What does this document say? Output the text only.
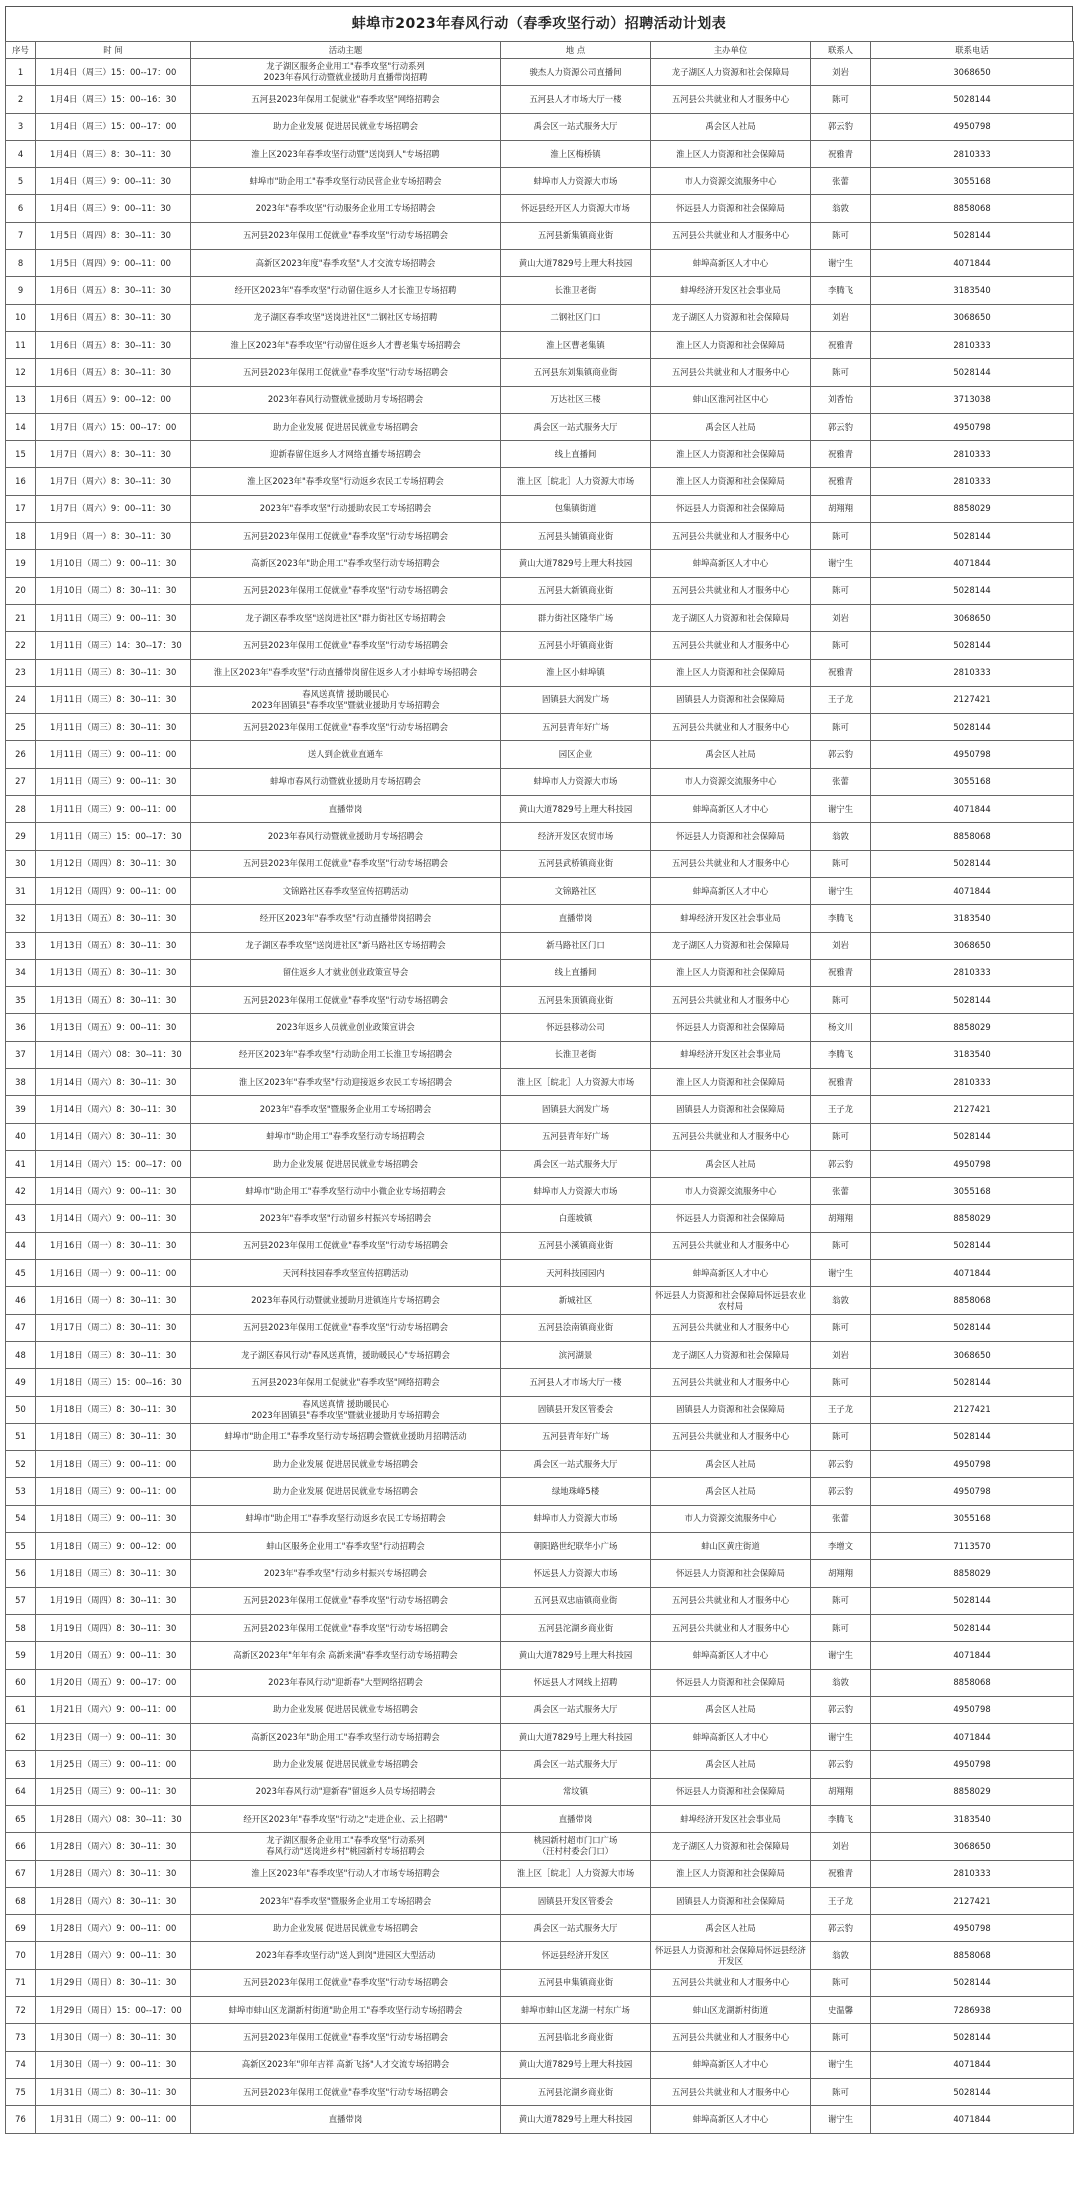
蚌埠市2023年春风行动（春季攻坚行动）招聘活动计划表
序号	时 间	活动主题	地 点	主办单位	联系人	联系电话
1	1月4日（周三）15：00--17：00	龙子湖区服务企业用工"春季攻坚"行动系列
2023年春风行动暨就业援助月直播带岗招聘	骏杰人力资源公司直播间	龙子湖区人力资源和社会保障局	刘岩	3068650
2	1月4日（周三）15：00--16：30	五河县2023年保用工促就业"春季攻坚"网络招聘会	五河县人才市场大厅一楼	五河县公共就业和人才服务中心	陈可	5028144
3	1月4日（周三）15：00--17：00	助力企业发展 促进居民就业专场招聘会	禹会区一站式服务大厅	禹会区人社局	郭云豹	4950798
4	1月4日（周三）8：30--11：30	淮上区2023年春季攻坚行动暨"送岗到人"专场招聘	淮上区梅桥镇	淮上区人力资源和社会保障局	祝雅青	2810333
5	1月4日（周三）9：00--11：30	蚌埠市"助企用工"春季攻坚行动民营企业专场招聘会	蚌埠市人力资源大市场	市人力资源交流服务中心	张蕾	3055168
6	1月4日（周三）9：00--11：30	2023年"春季攻坚"行动服务企业用工专场招聘会	怀远县经开区人力资源大市场	怀远县人力资源和社会保障局	翁敦	8858068
7	1月5日（周四）8：30--11：30	五河县2023年保用工促就业"春季攻坚"行动专场招聘会	五河县新集镇商业街	五河县公共就业和人才服务中心	陈可	5028144
8	1月5日（周四）9：00--11：00	高新区2023年度"春季攻坚"人才交流专场招聘会	黄山大道7829号上理大科技园	蚌埠高新区人才中心	谢宁生	4071844
9	1月6日（周五）8：30--11：30	经开区2023年"春季攻坚"行动留住返乡人才长淮卫专场招聘	长淮卫老街	蚌埠经济开发区社会事业局	李腾飞	3183540
10	1月6日（周五）8：30--11：30	龙子湖区春季攻坚"送岗进社区"二钢社区专场招聘	二钢社区门口	龙子湖区人力资源和社会保障局	刘岩	3068650
11	1月6日（周五）8：30--11：30	淮上区2023年"春季攻坚"行动留住返乡人才曹老集专场招聘会	淮上区曹老集镇	淮上区人力资源和社会保障局	祝雅青	2810333
12	1月6日（周五）8：30--11：30	五河县2023年保用工促就业"春季攻坚"行动专场招聘会	五河县东刘集镇商业街	五河县公共就业和人才服务中心	陈可	5028144
13	1月6日（周五）9：00--12：00	2023年春风行动暨就业援助月专场招聘会	万达社区三楼	蚌山区淮河社区中心	刘香怡	3713038
14	1月7日（周六）15：00--17：00	助力企业发展 促进居民就业专场招聘会	禹会区一站式服务大厅	禹会区人社局	郭云豹	4950798
15	1月7日（周六）8：30--11：30	迎新春留住返乡人才网络直播专场招聘会	线上直播间	淮上区人力资源和社会保障局	祝雅青	2810333
16	1月7日（周六）8：30--11：30	淮上区2023年"春季攻坚"行动返乡农民工专场招聘会	淮上区［皖北］人力资源大市场	淮上区人力资源和社会保障局	祝雅青	2810333
17	1月7日（周六）9：00--11：30	2023年"春季攻坚"行动援助农民工专场招聘会	包集镇街道	怀远县人力资源和社会保障局	胡翔翔	8858029
18	1月9日（周一）8：30--11：30	五河县2023年保用工促就业"春季攻坚"行动专场招聘会	五河县头铺镇商业街	五河县公共就业和人才服务中心	陈可	5028144
19	1月10日（周二）9：00--11：30	高新区2023年"助企用工"春季攻坚行动专场招聘会	黄山大道7829号上理大科技园	蚌埠高新区人才中心	谢宁生	4071844
20	1月10日（周二）8：30--11：30	五河县2023年保用工促就业"春季攻坚"行动专场招聘会	五河县大新镇商业街	五河县公共就业和人才服务中心	陈可	5028144
21	1月11日（周三）9：00--11：30	龙子湖区春季攻坚"送岗进社区"群力街社区专场招聘会	群力街社区隆华广场	龙子湖区人力资源和社会保障局	刘岩	3068650
22	1月11日（周三）14：30--17：30	五河县2023年保用工促就业"春季攻坚"行动专场招聘会	五河县小圩镇商业街	五河县公共就业和人才服务中心	陈可	5028144
23	1月11日（周三）8：30--11：30	淮上区2023年"春季攻坚"行动直播带岗留住返乡人才小蚌埠专场招聘会	淮上区小蚌埠镇	淮上区人力资源和社会保障局	祝雅青	2810333
24	1月11日（周三）8：30--11：30	春风送真情 援助暖民心
2023年固镇县"春季攻坚"暨就业援助月专场招聘会	固镇县大润发广场	固镇县人力资源和社会保障局	王子龙	2127421
25	1月11日（周三）8：30--11：30	五河县2023年保用工促就业"春季攻坚"行动专场招聘会	五河县青年好广场	五河县公共就业和人才服务中心	陈可	5028144
26	1月11日（周三）9：00--11：00	送人到企就业直通车	园区企业	禹会区人社局	郭云豹	4950798
27	1月11日（周三）9：00--11：30	蚌埠市春风行动暨就业援助月专场招聘会	蚌埠市人力资源大市场	市人力资源交流服务中心	张蕾	3055168
28	1月11日（周三）9：00--11：00	直播带岗	黄山大道7829号上理大科技园	蚌埠高新区人才中心	谢宁生	4071844
29	1月11日（周三）15：00--17：30	2023年春风行动暨就业援助月专场招聘会	经济开发区农贸市场	怀远县人力资源和社会保障局	翁敦	8858068
30	1月12日（周四）8：30--11：30	五河县2023年保用工促就业"春季攻坚"行动专场招聘会	五河县武桥镇商业街	五河县公共就业和人才服务中心	陈可	5028144
31	1月12日（周四）9：00--11：00	文锦路社区春季攻坚宣传招聘活动	文锦路社区	蚌埠高新区人才中心	谢宁生	4071844
32	1月13日（周五）8：30--11：30	经开区2023年"春季攻坚"行动直播带岗招聘会	直播带岗	蚌埠经济开发区社会事业局	李腾飞	3183540
33	1月13日（周五）8：30--11：30	龙子湖区春季攻坚"送岗进社区"新马路社区专场招聘会	新马路社区门口	龙子湖区人力资源和社会保障局	刘岩	3068650
34	1月13日（周五）8：30--11：30	留住返乡人才就业创业政策宣导会	线上直播间	淮上区人力资源和社会保障局	祝雅青	2810333
35	1月13日（周五）8：30--11：30	五河县2023年保用工促就业"春季攻坚"行动专场招聘会	五河县朱顶镇商业街	五河县公共就业和人才服务中心	陈可	5028144
36	1月13日（周五）9：00--11：30	2023年返乡人员就业创业政策宣讲会	怀远县移动公司	怀远县人力资源和社会保障局	杨文川	8858029
37	1月14日（周六）08：30--11：30	经开区2023年"春季攻坚"行动助企用工长淮卫专场招聘会	长淮卫老街	蚌埠经济开发区社会事业局	李腾飞	3183540
38	1月14日（周六）8：30--11：30	淮上区2023年"春季攻坚"行动迎接返乡农民工专场招聘会	淮上区［皖北］人力资源大市场	淮上区人力资源和社会保障局	祝雅青	2810333
39	1月14日（周六）8：30--11：30	2023年"春季攻坚"暨服务企业用工专场招聘会	固镇县大润发广场	固镇县人力资源和社会保障局	王子龙	2127421
40	1月14日（周六）8：30--11：30	蚌埠市"助企用工"春季攻坚行动专场招聘会	五河县青年好广场	五河县公共就业和人才服务中心	陈可	5028144
41	1月14日（周六）15：00--17：00	助力企业发展 促进居民就业专场招聘会	禹会区一站式服务大厅	禹会区人社局	郭云豹	4950798
42	1月14日（周六）9：00--11：30	蚌埠市"助企用工"春季攻坚行动中小微企业专场招聘会	蚌埠市人力资源大市场	市人力资源交流服务中心	张蕾	3055168
43	1月14日（周六）9：00--11：30	2023年"春季攻坚"行动留乡村振兴专场招聘会	白莲坡镇	怀远县人力资源和社会保障局	胡翔翔	8858029
44	1月16日（周一）8：30--11：30	五河县2023年保用工促就业"春季攻坚"行动专场招聘会	五河县小溪镇商业街	五河县公共就业和人才服务中心	陈可	5028144
45	1月16日（周一）9：00--11：00	天河科技园春季攻坚宣传招聘活动	天河科技园园内	蚌埠高新区人才中心	谢宁生	4071844
46	1月16日（周一）8：30--11：30	2023年春风行动暨就业援助月进镇连片专场招聘会	新城社区	怀远县人力资源和社会保障局怀远县农业农村局	翁敦	8858068
47	1月17日（周二）8：30--11：30	五河县2023年保用工促就业"春季攻坚"行动专场招聘会	五河县浍南镇商业街	五河县公共就业和人才服务中心	陈可	5028144
48	1月18日（周三）8：30--11：30	龙子湖区春风行动"春风送真情，援助暖民心"专场招聘会	滨河湖景	龙子湖区人力资源和社会保障局	刘岩	3068650
49	1月18日（周三）15：00--16：30	五河县2023年保用工促就业"春季攻坚"网络招聘会	五河县人才市场大厅一楼	五河县公共就业和人才服务中心	陈可	5028144
50	1月18日（周三）8：30--11：30	春风送真情 援助暖民心
2023年固镇县"春季攻坚"暨就业援助月专场招聘会	固镇县开发区管委会	固镇县人力资源和社会保障局	王子龙	2127421
51	1月18日（周三）8：30--11：30	蚌埠市"助企用工"春季攻坚行动专场招聘会暨就业援助月招聘活动	五河县青年好广场	五河县公共就业和人才服务中心	陈可	5028144
52	1月18日（周三）9：00--11：00	助力企业发展 促进居民就业专场招聘会	禹会区一站式服务大厅	禹会区人社局	郭云豹	4950798
53	1月18日（周三）9：00--11：00	助力企业发展 促进居民就业专场招聘会	绿地珠峰5楼	禹会区人社局	郭云豹	4950798
54	1月18日（周三）9：00--11：30	蚌埠市"助企用工"春季攻坚行动返乡农民工专场招聘会	蚌埠市人力资源大市场	市人力资源交流服务中心	张蕾	3055168
55	1月18日（周三）9：00--12：00	蚌山区服务企业用工"春季攻坚"行动招聘会	朝阳路世纪联华小广场	蚌山区黄庄街道	李增文	7113570
56	1月18日（周三）8：30--11：30	2023年"春季攻坚"行动乡村振兴专场招聘会	怀远县人力资源大市场	怀远县人力资源和社会保障局	胡翔翔	8858029
57	1月19日（周四）8：30--11：30	五河县2023年保用工促就业"春季攻坚"行动专场招聘会	五河县双忠庙镇商业街	五河县公共就业和人才服务中心	陈可	5028144
58	1月19日（周四）8：30--11：30	五河县2023年保用工促就业"春季攻坚"行动专场招聘会	五河县沱湖乡商业街	五河县公共就业和人才服务中心	陈可	5028144
59	1月20日（周五）9：00--11：30	高新区2023年"年年有余 高新来满"春季攻坚行动专场招聘会	黄山大道7829号上理大科技园	蚌埠高新区人才中心	谢宁生	4071844
60	1月20日（周五）9：00--17：00	2023年春风行动"迎新春"大型网络招聘会	怀远县人才网线上招聘	怀远县人力资源和社会保障局	翁敦	8858068
61	1月21日（周六）9：00--11：00	助力企业发展 促进居民就业专场招聘会	禹会区一站式服务大厅	禹会区人社局	郭云豹	4950798
62	1月23日（周一）9：00--11：30	高新区2023年"助企用工"春季攻坚行动专场招聘会	黄山大道7829号上理大科技园	蚌埠高新区人才中心	谢宁生	4071844
63	1月25日（周三）9：00--11：00	助力企业发展 促进居民就业专场招聘会	禹会区一站式服务大厅	禹会区人社局	郭云豹	4950798
64	1月25日（周三）9：00--11：30	2023年春风行动"迎新春"留返乡人员专场招聘会	常坟镇	怀远县人力资源和社会保障局	胡翔翔	8858029
65	1月28日（周六）08：30--11：30	经开区2023年"春季攻坚"行动之"走进企业、云上招聘"	直播带岗	蚌埠经济开发区社会事业局	李腾飞	3183540
66	1月28日（周六）8：30--11：30	龙子湖区服务企业用工"春季攻坚"行动系列
春风行动"送岗进乡村"桃园新村专场招聘会	桃园新村超市门口广场
（汪村村委会门口）	龙子湖区人力资源和社会保障局	刘岩	3068650
67	1月28日（周六）8：30--11：30	淮上区2023年"春季攻坚"行动人才市场专场招聘会	淮上区［皖北］人力资源大市场	淮上区人力资源和社会保障局	祝雅青	2810333
68	1月28日（周六）8：30--11：30	2023年"春季攻坚"暨服务企业用工专场招聘会	固镇县开发区管委会	固镇县人力资源和社会保障局	王子龙	2127421
69	1月28日（周六）9：00--11：00	助力企业发展 促进居民就业专场招聘会	禹会区一站式服务大厅	禹会区人社局	郭云豹	4950798
70	1月28日（周六）9：00--11：30	2023年春季攻坚行动"送人到岗"进园区大型活动	怀远县经济开发区	怀远县人力资源和社会保障局怀远县经济开发区	翁敦	8858068
71	1月29日（周日）8：30--11：30	五河县2023年保用工促就业"春季攻坚"行动专场招聘会	五河县申集镇商业街	五河县公共就业和人才服务中心	陈可	5028144
72	1月29日（周日）15：00--17：00	蚌埠市蚌山区龙湖新村街道"助企用工"春季攻坚行动专场招聘会	蚌埠市蚌山区龙湖一村东广场	蚌山区龙湖新村街道	史温馨	7286938
73	1月30日（周一）8：30--11：30	五河县2023年保用工促就业"春季攻坚"行动专场招聘会	五河县临北乡商业街	五河县公共就业和人才服务中心	陈可	5028144
74	1月30日（周一）9：00--11：30	高新区2023年"卯年吉祥 高新飞扬"人才交流专场招聘会	黄山大道7829号上理大科技园	蚌埠高新区人才中心	谢宁生	4071844
75	1月31日（周二）8：30--11：30	五河县2023年保用工促就业"春季攻坚"行动专场招聘会	五河县沱湖乡商业街	五河县公共就业和人才服务中心	陈可	5028144
76	1月31日（周二）9：00--11：00	直播带岗	黄山大道7829号上理大科技园	蚌埠高新区人才中心	谢宁生	4071844
